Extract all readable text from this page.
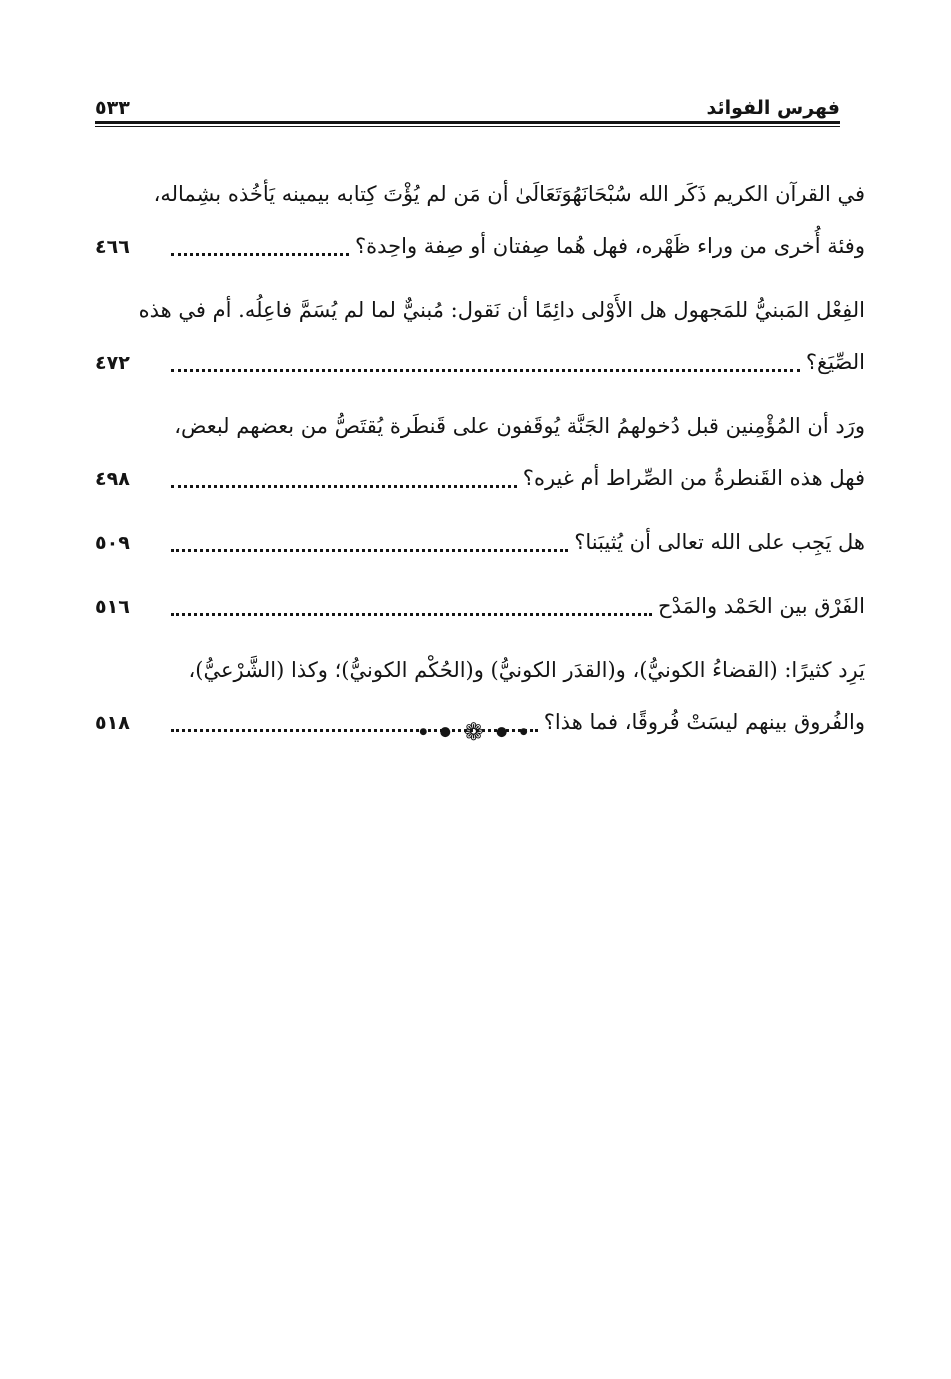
فهرس الفوائد
٥٣٣
في القرآن الكريم ذَكَر الله سُبْحَانَهُوَتَعَالَىٰ أن مَن لم يُؤْتَ كِتابه بيمينه يَأخُذه بشِماله،
وفئة أُخرى من وراء ظَهْره، فهل هُما صِفتان أو صِفة واحِدة؟
٤٦٦
الفِعْل المَبنيُّ للمَجهول هل الأَوْلى دائِمًا أن نَقول: مُبنيٌّ لما لم يُسَمَّ فاعِلُه. أم في هذه
الصِّيَغ؟
٤٧٢
ورَد أن المُؤْمِنين قبل دُخولهمُ الجَنَّة يُوقَفون على قَنطَرة يُقتَصُّ من بعضهم لبعض،
فهل هذه القَنطرةُ من الصِّراط أم غيره؟
٤٩٨
هل يَجِب على الله تعالى أن يُثيبَنا؟
٥٠٩
الفَرْق بين الحَمْد والمَدْح
٥١٦
يَرِد كثيرًا: (القضاءُ الكونيُّ)، و(القدَر الكونيُّ) و(الحُكْم الكونيُّ)؛ وكذا (الشَّرْعيُّ)،
والفُروق بينهم ليسَتْ فُروقًا، فما هذا؟
٥١٨	● ● ❁ ● ●
